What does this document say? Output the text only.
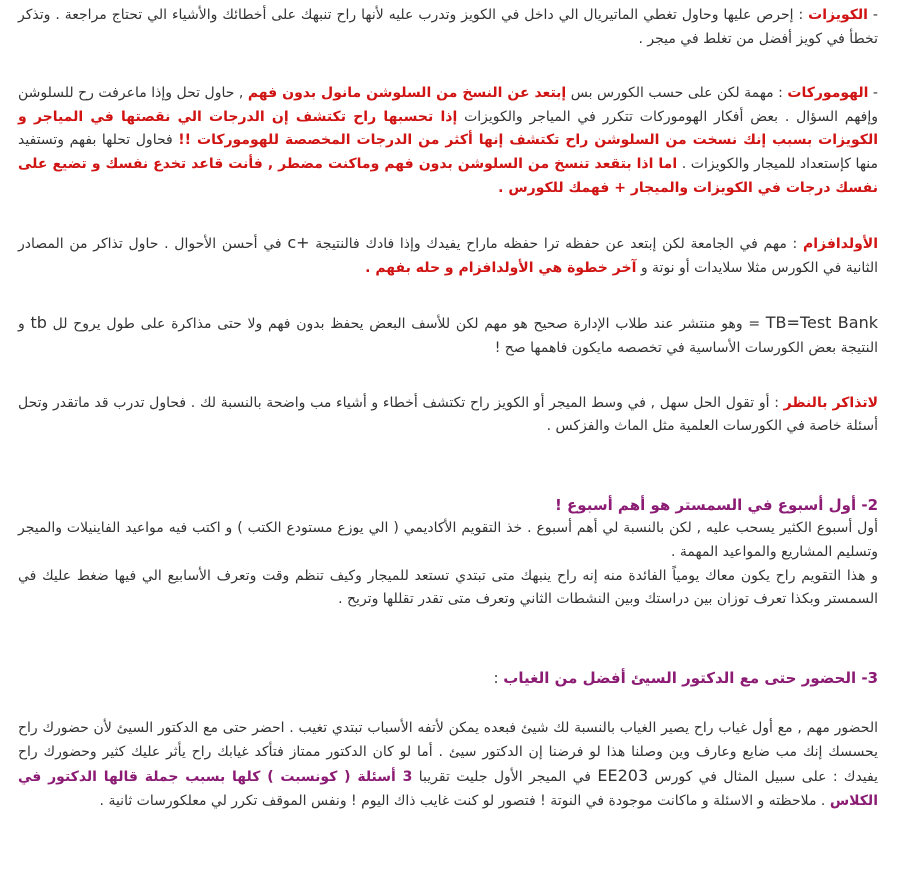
- الكويزات : إحرص عليها وحاول تغطي الماتيريال الي داخل في الكويز وتدرب عليه لأنها راح تنبهك على أخطائك والأشياء الي تحتاج مراجعة . وتذكر تخطأ في كويز أفضل من تغلط في ميجر .

- الهوموركات : مهمة لكن على حسب الكورس بس إبتعد عن النسخ من السلوشن مانول بدون فهم , حاول تحل وإذا ماعرفت رح للسلوشن وإفهم السؤال . بعض أفكار الهوموركات تتكرر في المياجر والكويزات إذا تحسبها راح تكتشف إن الدرجات الي نقصتها في المياجر و الكويزات بسبب إنك نسخت من السلوشن راح تكتشف إنها أكثر من الدرجات المخصصة للهوموركات !! فحاول تحلها بفهم وتستفيد منها كإستعداد للميجار والكويزات . اما اذا بتقعد تنسخ من السلوشن بدون فهم وماكنت مضطر , فأنت قاعد تخدع نفسك و تضيع على نفسك درجات في الكويزات والميجار + فهمك للكورس .

الأولدافزام : مهم في الجامعة لكن إبتعد عن حفظه ترا حفظه ماراح يفيدك وإذا فادك فالنتيجة c+ في أحسن الأحوال . حاول تذاكر من المصادر الثانية في الكورس مثلا سلايدات أو نوتة و آخر خطوة هي الأولدافزام و حله بفهم .

TB=Test Bank = وهو منتشر عند طلاب الإدارة صحيح هو مهم لكن للأسف البعض يحفظ بدون فهم ولا حتى مذاكرة على طول يروح لل tb و النتيجة بعض الكورسات الأساسية في تخصصه مايكون فاهمها صح !

لاتذاكر بالنظر : أو تقول الحل سهل , في وسط الميجر أو الكويز راح تكتشف أخطاء و أشياء مب واضحة بالنسبة لك . فحاول تدرب قد ماتقدر وتحل أسئلة خاصة في الكورسات العلمية مثل الماث والفزكس .

2- أول أسبوع في السمستر هو أهم أسبوع !

أول أسبوع الكثير يسحب عليه , لكن بالنسبة لي أهم أسبوع . خذ التقويم الأكاديمي ( الي يوزع مستودع الكتب ) و اكتب فيه مواعيد الفاينيلات والميجر وتسليم المشاريع والمواعيد المهمة .

و هذا التقويم راح يكون معاك يومياً الفائدة منه إنه راح ينبهك متى تبتدي تستعد للميجار وكيف تنظم وقت وتعرف الأسابيع الي فيها ضغط عليك في السمستر وبكذا تعرف توزان بين دراستك وبين النشطات الثاني وتعرف متى تقدر تقللها وتريح .

3- الحضور حتى مع الدكتور السيئ أفضل من الغياب :

الحضور مهم , مع أول غياب راح يصير الغياب بالنسبة لك شيئ فبعده يمكن لأتفه الأسباب تبتدي تغيب . احضر حتى مع الدكتور السيئ لأن حضورك راح يحسسك إنك مب ضايع وعارف وين وصلنا هذا لو فرضنا إن الدكتور سيئ . أما لو كان الدكتور ممتاز فتأكد غيابك راح يأثر عليك كثير وحضورك راح يفيدك : على سبيل المثال في كورس EE203 في الميجر الأول جليت تقريبا 3 أسئلة ( كونسبت ) كلها بسبب جملة قالها الدكتور في الكلاس . ملاحظته و الاسئلة و ماكانت موجودة في النوتة ! فتصور لو كنت غايب ذاك اليوم ! ونفس الموقف تكرر لي معلكورسات ثانية .
